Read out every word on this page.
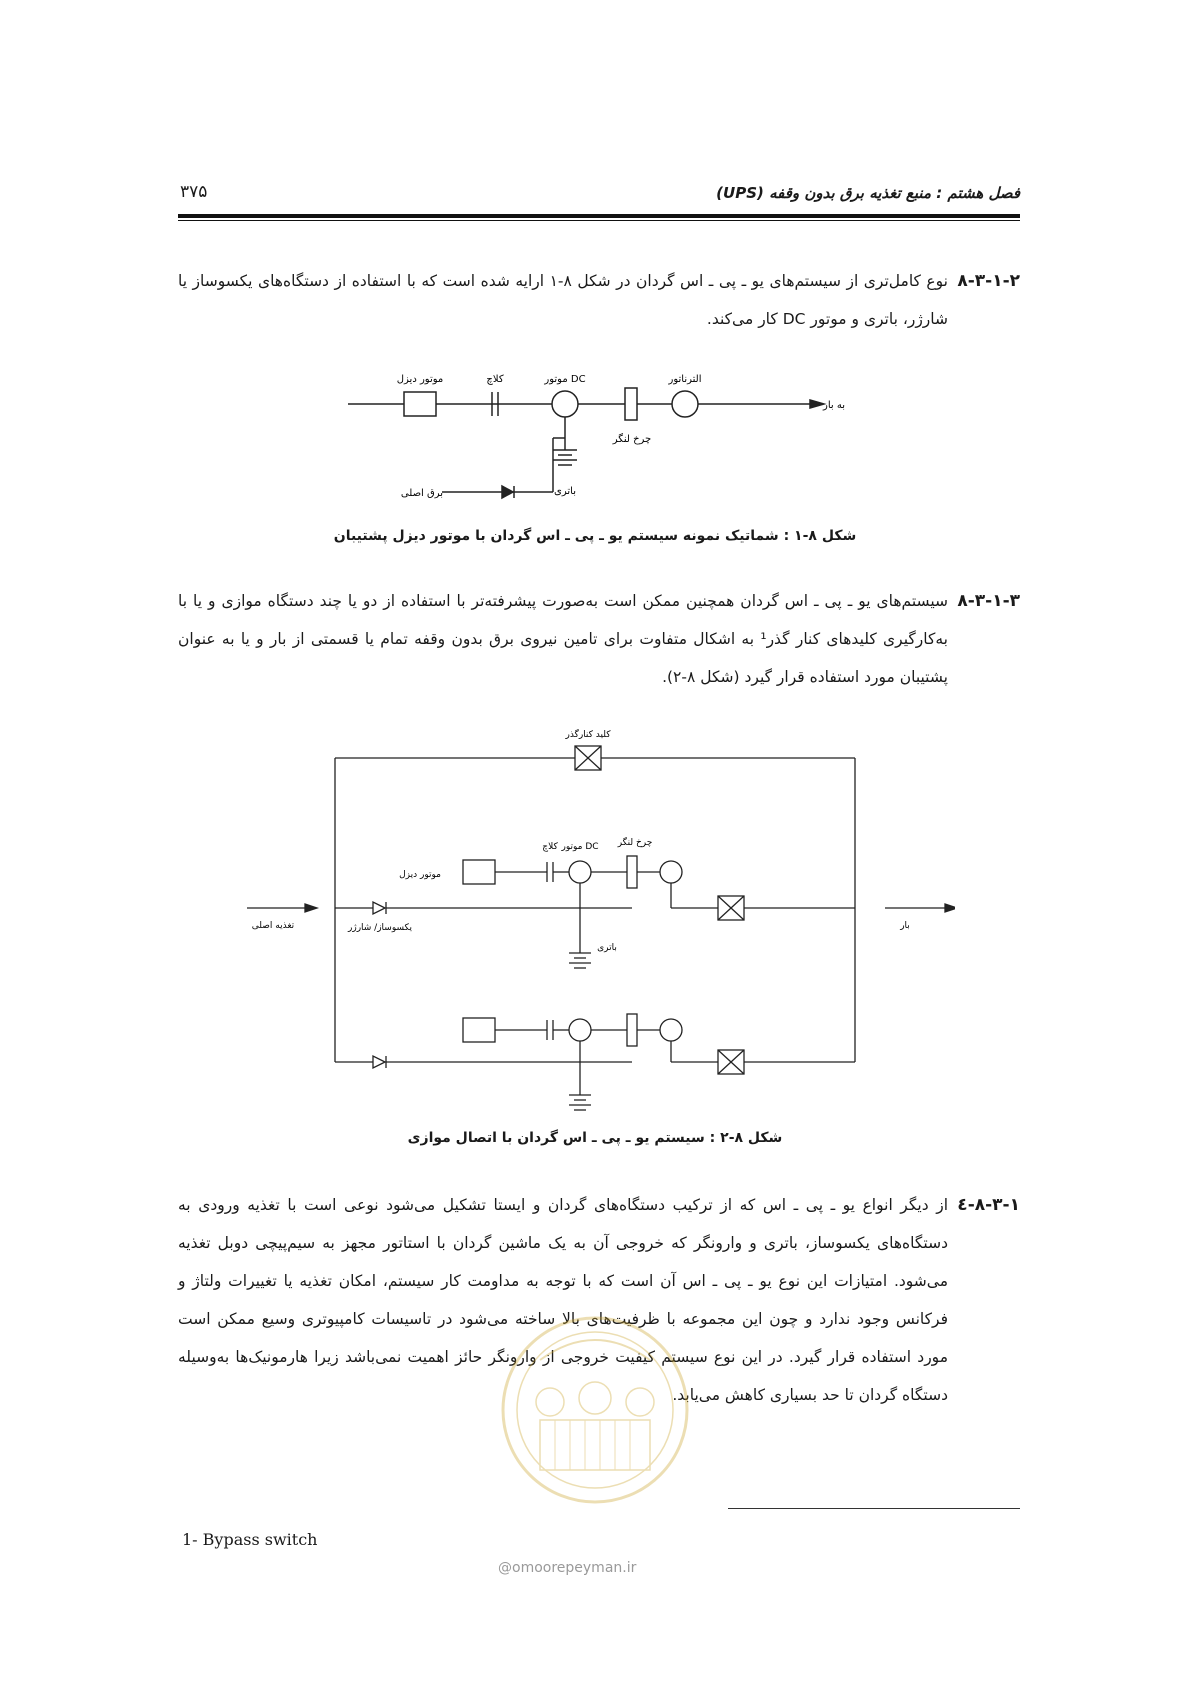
فصل هشتم : منبع تغذیه برق بدون وقفه (UPS)
۳۷۵
۸-۳-۱-۲
نوع کامل‌تری از سیستم‌های یو ـ پی ـ اس گردان در شکل ۸-۱ ارایه شده است که با استفاده از دستگاه‌های یکسوساز یا شارژر، باتری و موتور DC کار می‌کند.
موتور دیزل	کلاچ	موتور DC	الترناتور
به بار
چرخ لنگر
برق اصلی	باتری
شکل ۸-۱ : شماتیک نمونه سیستم یو ـ پی ـ اس گردان با موتور دیزل پشتیبان
۸-۳-۱-۳
سیستم‌های یو ـ پی ـ اس گردان همچنین ممکن است به‌صورت پیشرفته‌تر با استفاده از دو یا چند دستگاه موازی و یا با به‌کارگیری کلیدهای کنار گذر¹ به اشکال متفاوت برای تامین نیروی برق بدون وقفه تمام یا قسمتی از بار و یا به عنوان پشتیبان مورد استفاده قرار گیرد (شکل ۸-۲).
کلید کنارگذر
موتور دیزل
کلاچ موتور DC چرخ لنگر
تغذیه اصلی	یکسوساز/ شارژر
باتری
بار
شکل ۸-۲ : سیستم یو ـ پی ـ اس گردان با اتصال موازی
۸-۳-۱-٤
از دیگر انواع یو ـ پی ـ اس که از ترکیب دستگاه‌های گردان و ایستا تشکیل می‌شود نوعی است با تغذیه ورودی به دستگاه‌های یکسوساز، باتری و وارونگر که خروجی آن به یک ماشین گردان با استاتور مجهز به سیم‌پیچی دوبل تغذیه می‌شود. امتیازات این نوع یو ـ پی ـ اس آن است که با توجه به مداومت کار سیستم، امکان تغذیه یا تغییرات ولتاژ و فرکانس وجود ندارد و چون این مجموعه با ظرفیت‌های بالا ساخته می‌شود در تاسیسات کامپیوتری وسیع ممکن است مورد استفاده قرار گیرد. در این نوع سیستم کیفیت خروجی از وارونگر حائز اهمیت نمی‌باشد زیرا هارمونیک‌ها به‌وسیله دستگاه گردان تا حد بسیاری کاهش می‌یابد.
1- Bypass switch
@omoorepeyman.ir
